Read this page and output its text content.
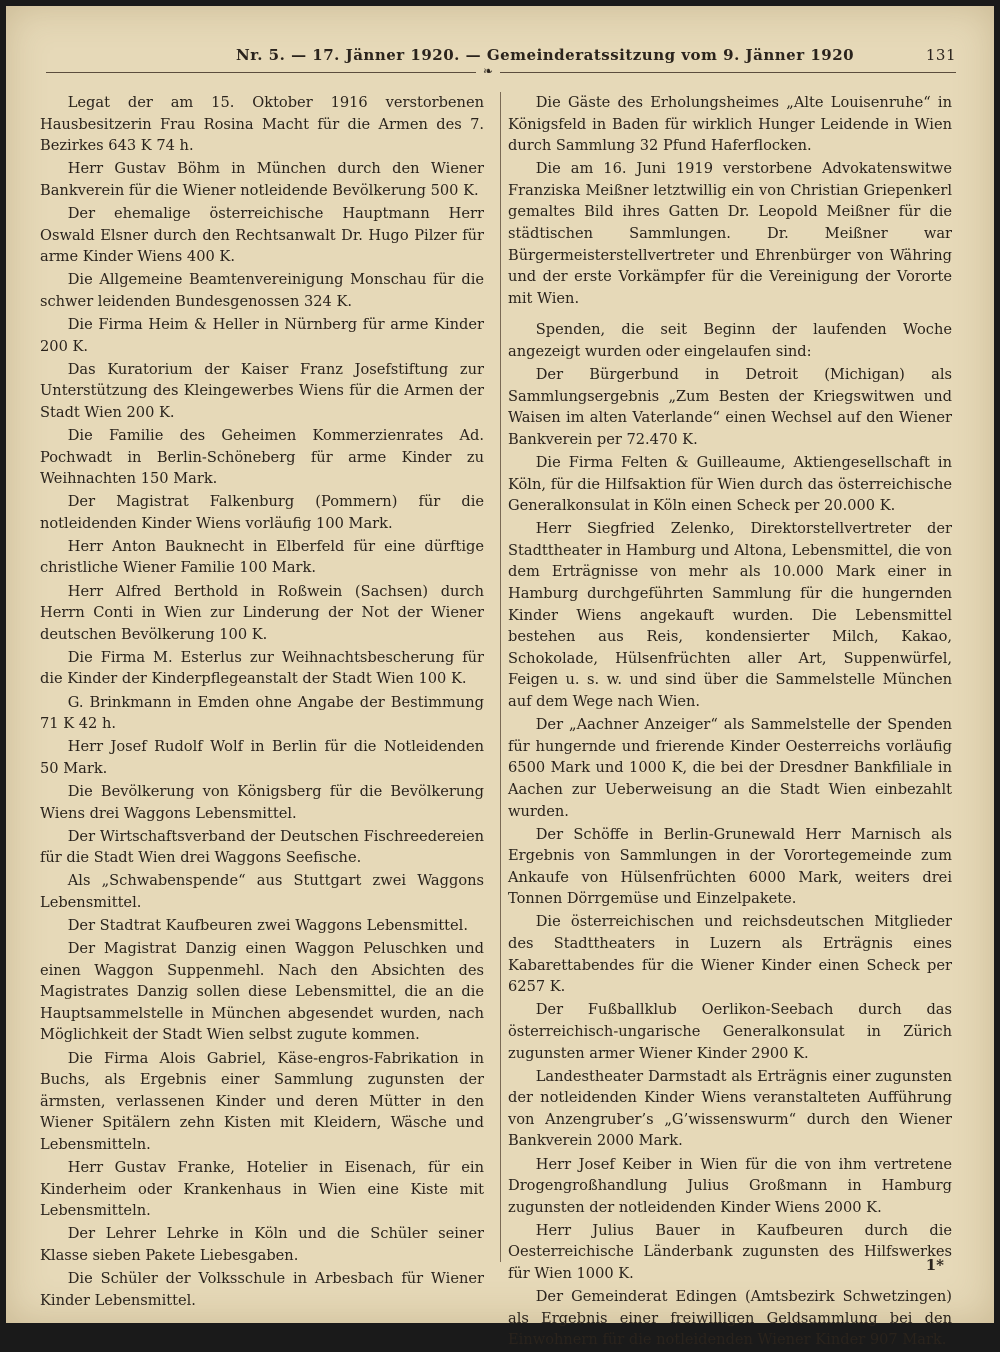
Nr. 5. — 17. Jänner 1920. — Gemeinderatssitzung vom 9. Jänner 1920	131
❧

Legat der am 15. Oktober 1916 verstorbenen Hausbesitzerin Frau Rosina Macht für die Armen des 7. Bezirkes 643 K 74 h.

Herr Gustav Böhm in München durch den Wiener Bankverein für die Wiener notleidende Bevölkerung 500 K.

Der ehemalige österreichische Hauptmann Herr Oswald Elsner durch den Rechtsanwalt Dr. Hugo Pilzer für arme Kinder Wiens 400 K.

Die Allgemeine Beamtenvereinigung Monschau für die schwer leidenden Bundesgenossen 324 K.

Die Firma Heim & Heller in Nürnberg für arme Kinder 200 K.

Das Kuratorium der Kaiser Franz Josefstiftung zur Unterstützung des Kleingewerbes Wiens für die Armen der Stadt Wien 200 K.

Die Familie des Geheimen Kommerzienrates Ad. Pochwadt in Berlin-Schöneberg für arme Kinder zu Weihnachten 150 Mark.

Der Magistrat Falkenburg (Pommern) für die notleidenden Kinder Wiens vorläufig 100 Mark.

Herr Anton Bauknecht in Elberfeld für eine dürftige christliche Wiener Familie 100 Mark.

Herr Alfred Berthold in Roßwein (Sachsen) durch Herrn Conti in Wien zur Linderung der Not der Wiener deutschen Bevölkerung 100 K.

Die Firma M. Esterlus zur Weihnachtsbescherung für die Kinder der Kinderpflegeanstalt der Stadt Wien 100 K.

G. Brinkmann in Emden ohne Angabe der Bestimmung 71 K 42 h.

Herr Josef Rudolf Wolf in Berlin für die Notleidenden 50 Mark.

Die Bevölkerung von Königsberg für die Bevölkerung Wiens drei Waggons Lebensmittel.

Der Wirtschaftsverband der Deutschen Fischreedereien für die Stadt Wien drei Waggons Seefische.

Als „Schwabenspende“ aus Stuttgart zwei Waggons Lebensmittel.

Der Stadtrat Kaufbeuren zwei Waggons Lebensmittel.

Der Magistrat Danzig einen Waggon Peluschken und einen Waggon Suppenmehl. Nach den Absichten des Magistrates Danzig sollen diese Lebensmittel, die an die Hauptsammelstelle in München abgesendet wurden, nach Möglichkeit der Stadt Wien selbst zugute kommen.

Die Firma Alois Gabriel, Käse-engros-Fabrikation in Buchs, als Ergebnis einer Sammlung zugunsten der ärmsten, verlassenen Kinder und deren Mütter in den Wiener Spitälern zehn Kisten mit Kleidern, Wäsche und Lebensmitteln.

Herr Gustav Franke, Hotelier in Eisenach, für ein Kinderheim oder Krankenhaus in Wien eine Kiste mit Lebensmitteln.

Der Lehrer Lehrke in Köln und die Schüler seiner Klasse sieben Pakete Liebesgaben.

Die Schüler der Volksschule in Arbesbach für Wiener Kinder Lebensmittel.

Die Gäste des Erholungsheimes „Alte Louisenruhe“ in Königsfeld in Baden für wirklich Hunger Leidende in Wien durch Sammlung 32 Pfund Haferflocken.

Die am 16. Juni 1919 verstorbene Advokatenswitwe Franziska Meißner letztwillig ein von Christian Griepenkerl gemaltes Bild ihres Gatten Dr. Leopold Meißner für die städtischen Sammlungen. Dr. Meißner war Bürgermeisterstellvertreter und Ehrenbürger von Währing und der erste Vorkämpfer für die Vereinigung der Vororte mit Wien.

Spenden, die seit Beginn der laufenden Woche angezeigt wurden oder eingelaufen sind:

Der Bürgerbund in Detroit (Michigan) als Sammlungsergebnis „Zum Besten der Kriegswitwen und Waisen im alten Vaterlande“ einen Wechsel auf den Wiener Bankverein per 72.470 K.

Die Firma Felten & Guilleaume, Aktiengesellschaft in Köln, für die Hilfsaktion für Wien durch das österreichische Generalkonsulat in Köln einen Scheck per 20.000 K.

Herr Siegfried Zelenko, Direktorstellvertreter der Stadttheater in Hamburg und Altona, Lebensmittel, die von dem Erträgnisse von mehr als 10.000 Mark einer in Hamburg durchgeführten Sammlung für die hungernden Kinder Wiens angekauft wurden. Die Lebensmittel bestehen aus Reis, kondensierter Milch, Kakao, Schokolade, Hülsenfrüchten aller Art, Suppenwürfel, Feigen u. s. w. und sind über die Sammelstelle München auf dem Wege nach Wien.

Der „Aachner Anzeiger“ als Sammelstelle der Spenden für hungernde und frierende Kinder Oesterreichs vorläufig 6500 Mark und 1000 K, die bei der Dresdner Bankfiliale in Aachen zur Ueberweisung an die Stadt Wien einbezahlt wurden.

Der Schöffe in Berlin-Grunewald Herr Marnisch als Ergebnis von Sammlungen in der Vorortegemeinde zum Ankaufe von Hülsenfrüchten 6000 Mark, weiters drei Tonnen Dörrgemüse und Einzelpakete.

Die österreichischen und reichsdeutschen Mitglieder des Stadttheaters in Luzern als Erträgnis eines Kabarettabendes für die Wiener Kinder einen Scheck per 6257 K.

Der Fußballklub Oerlikon-Seebach durch das österreichisch-ungarische Generalkonsulat in Zürich zugunsten armer Wiener Kinder 2900 K.

Landestheater Darmstadt als Erträgnis einer zugunsten der notleidenden Kinder Wiens veranstalteten Aufführung von Anzengruber’s „G’wissenswurm“ durch den Wiener Bankverein 2000 Mark.

Herr Josef Keiber in Wien für die von ihm vertretene Drogengroßhandlung Julius Großmann in Hamburg zugunsten der notleidenden Kinder Wiens 2000 K.

Herr Julius Bauer in Kaufbeuren durch die Oesterreichische Länderbank zugunsten des Hilfswerkes für Wien 1000 K.

Der Gemeinderat Edingen (Amtsbezirk Schwetzingen) als Ergebnis einer freiwilligen Geldsammlung bei den Einwohnern für die notleidenden Wiener Kinder 907 Mark.

1*
